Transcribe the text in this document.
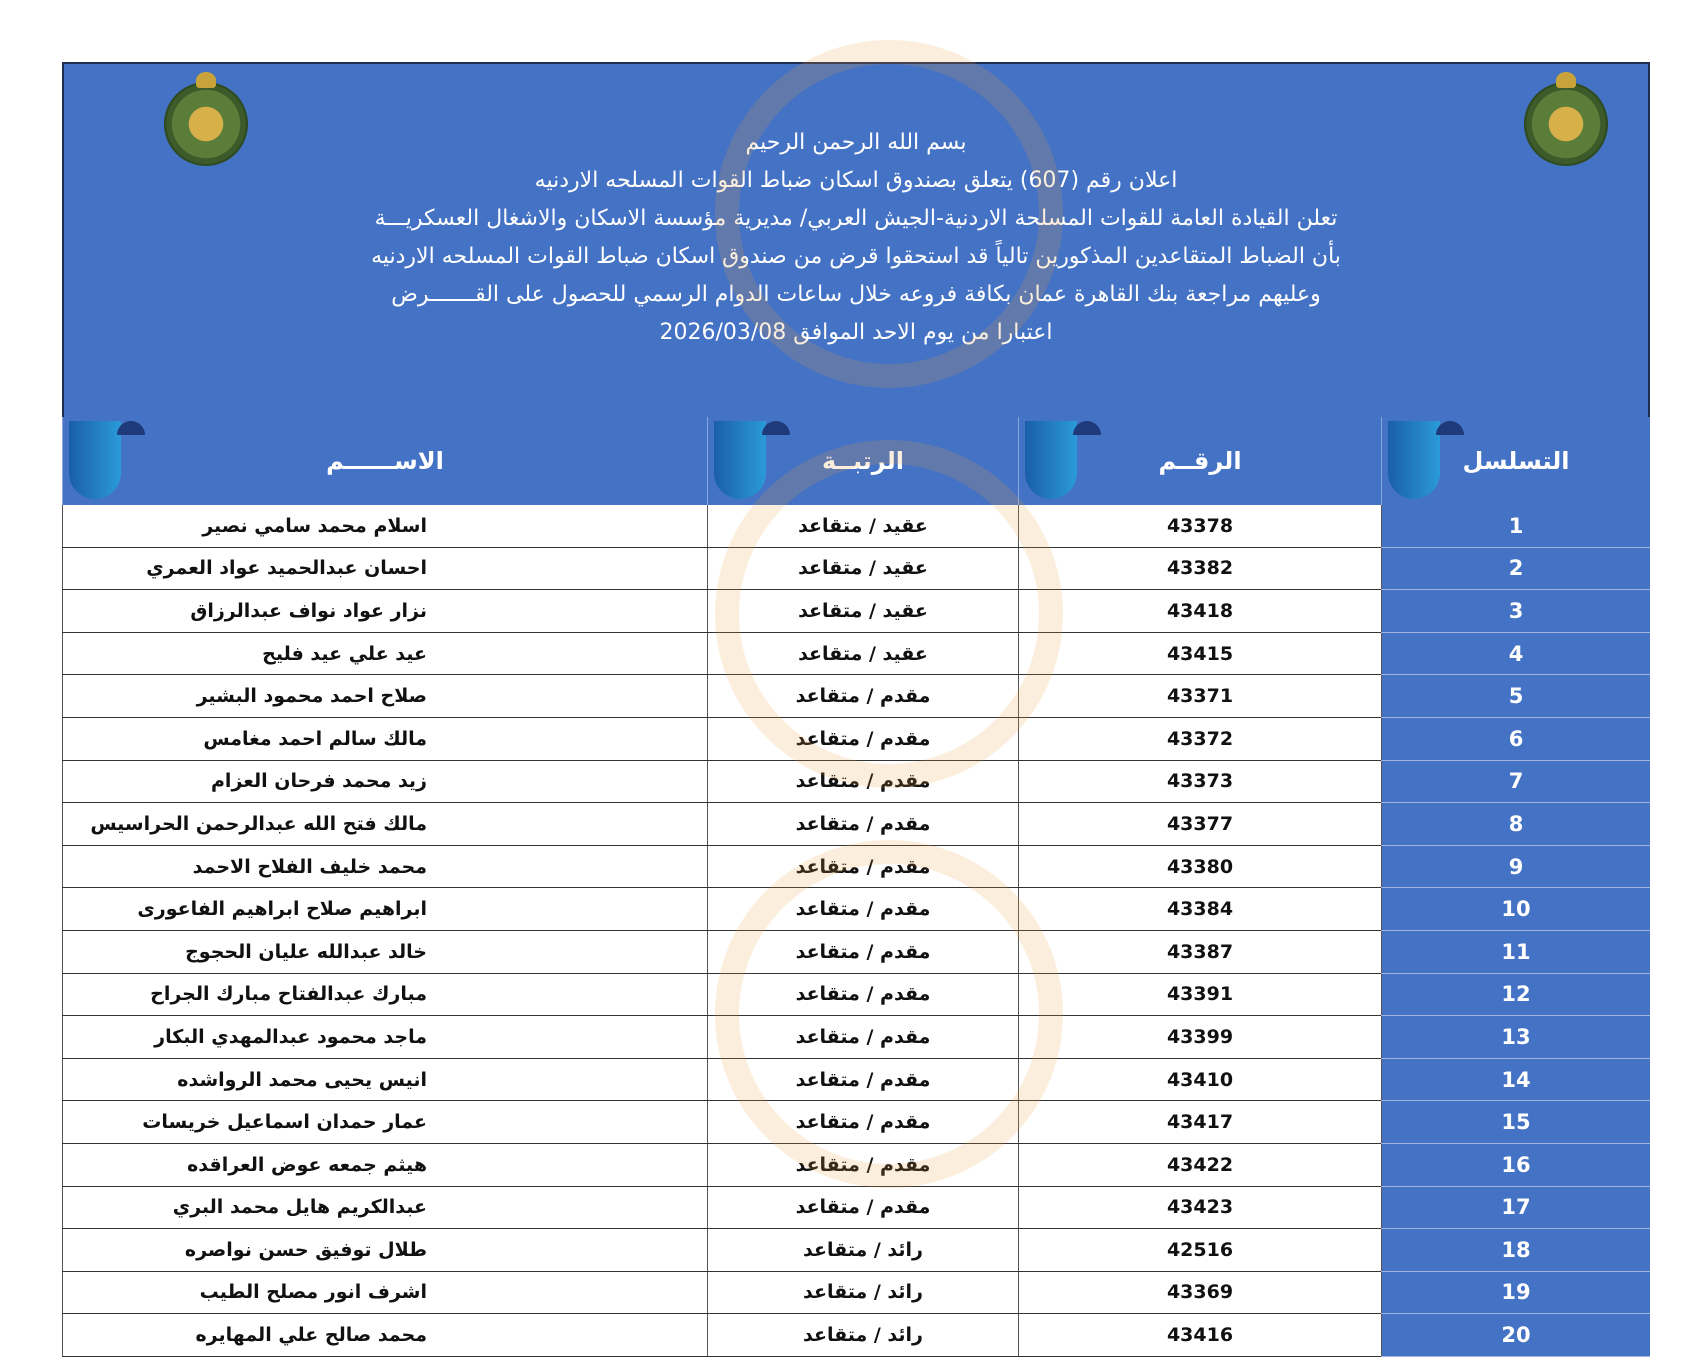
بسم الله الرحمن الرحيم
اعلان رقم (607) يتعلق بصندوق اسكان ضباط القوات المسلحه الاردنيه
تعلن القيادة العامة للقوات المسلحة الاردنية-الجيش العربي/ مديرية مؤسسة الاسكان والاشغال العسكريـــة
بأن الضباط المتقاعدين المذكورين تالياً قد استحقوا قرض من صندوق اسكان ضباط القوات المسلحه الاردنيه
وعليهم مراجعة بنك القاهرة عمان بكافة فروعه خلال ساعات الدوام الرسمي للحصول على القـــــــرض
اعتبارا من يوم الاحد الموافق 2026/03/08
التسلسل	الرقــم	الرتبــة	الاســــــم
1	43378	عقيد / متقاعد	اسلام محمد سامي نصير
2	43382	عقيد / متقاعد	احسان عبدالحميد عواد العمري
3	43418	عقيد / متقاعد	نزار عواد نواف عبدالرزاق
4	43415	عقيد / متقاعد	عيد علي عيد فليح
5	43371	مقدم / متقاعد	صلاح احمد محمود البشير
6	43372	مقدم / متقاعد	مالك سالم احمد مغامس
7	43373	مقدم / متقاعد	زيد محمد فرحان العزام
8	43377	مقدم / متقاعد	مالك فتح الله عبدالرحمن الحراسيس
9	43380	مقدم / متقاعد	محمد خليف الفلاح الاحمد
10	43384	مقدم / متقاعد	ابراهيم صلاح ابراهيم الفاعورى
11	43387	مقدم / متقاعد	خالد عبدالله عليان الحجوج
12	43391	مقدم / متقاعد	مبارك عبدالفتاح مبارك الجراح
13	43399	مقدم / متقاعد	ماجد محمود عبدالمهدي البكار
14	43410	مقدم / متقاعد	انيس يحيى محمد الرواشده
15	43417	مقدم / متقاعد	عمار حمدان اسماعيل خريسات
16	43422	مقدم / متقاعد	هيثم جمعه عوض العراقده
17	43423	مقدم / متقاعد	عبدالكريم هايل محمد البري
18	42516	رائد / متقاعد	طلال توفيق حسن نواصره
19	43369	رائد / متقاعد	اشرف انور مصلح الطيب
20	43416	رائد / متقاعد	محمد صالح علي المهايره
